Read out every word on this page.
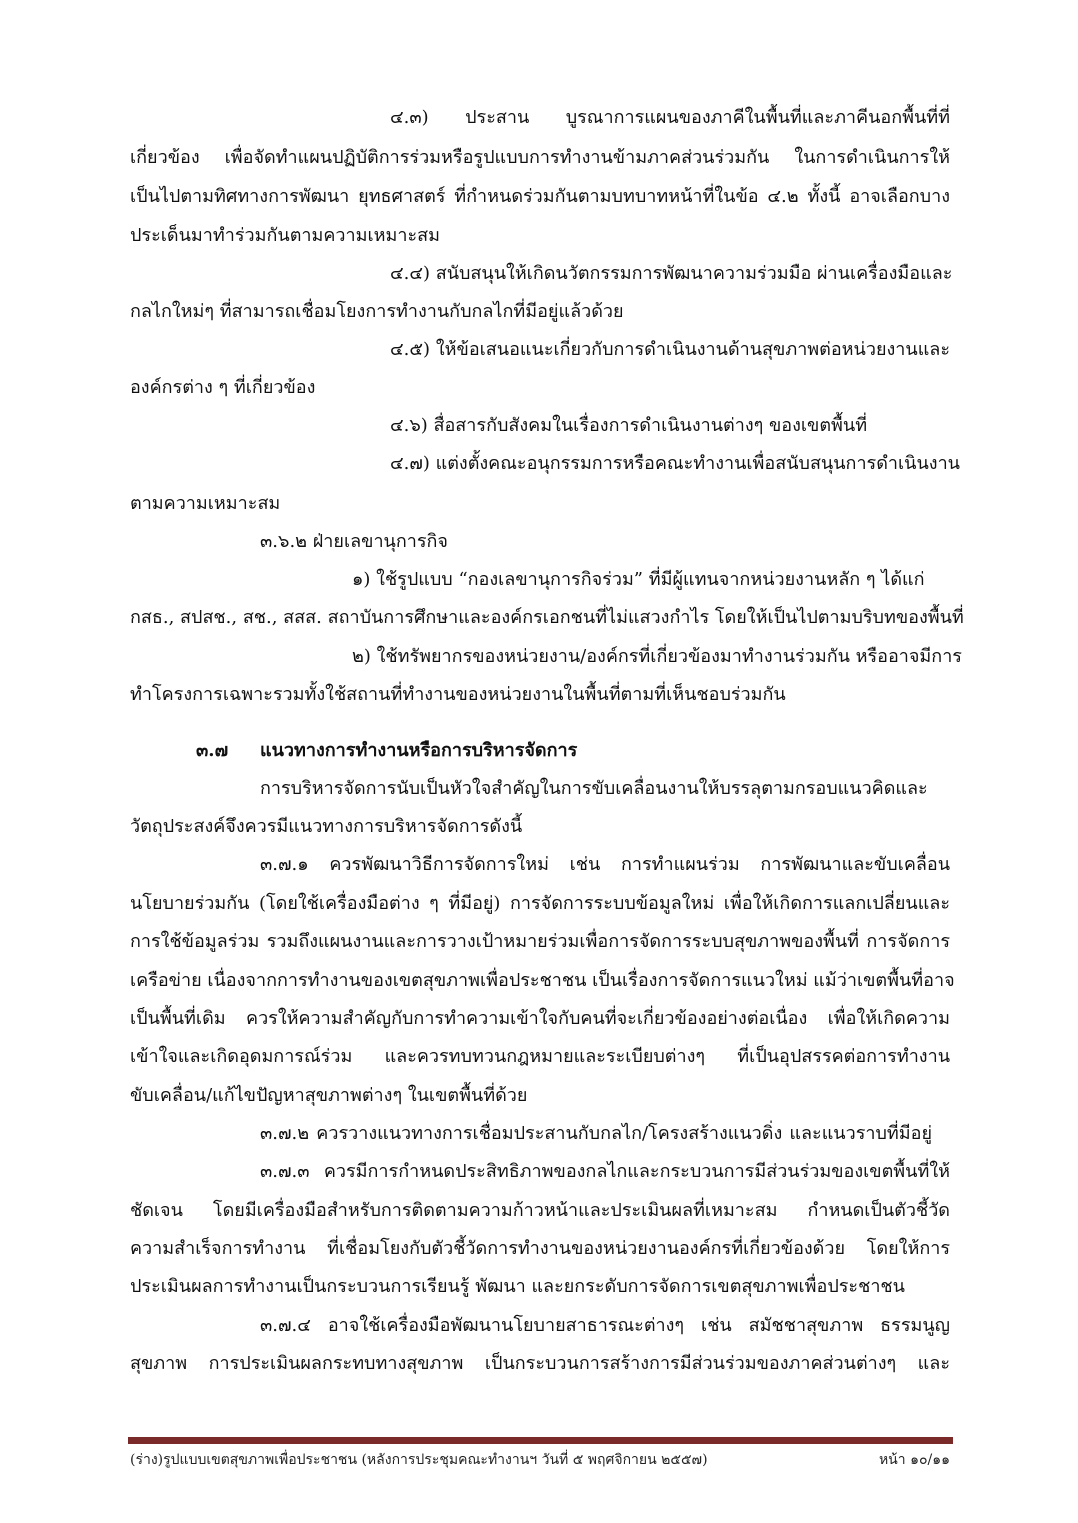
๔.๓) ประสาน บูรณาการแผนของภาคีในพื้นที่และภาคีนอกพื้นที่ที่
เกี่ยวข้อง เพื่อจัดทำแผนปฏิบัติการร่วมหรือรูปแบบการทำงานข้ามภาคส่วนร่วมกัน ในการดำเนินการให้
เป็นไปตามทิศทางการพัฒนา ยุทธศาสตร์ ที่กำหนดร่วมกันตามบทบาทหน้าที่ในข้อ ๔.๒ ทั้งนี้ อาจเลือกบาง
ประเด็นมาทำร่วมกันตามความเหมาะสม
๔.๔) สนับสนุนให้เกิดนวัตกรรมการพัฒนาความร่วมมือ ผ่านเครื่องมือและ
กลไกใหม่ๆ ที่สามารถเชื่อมโยงการทำงานกับกลไกที่มีอยู่แล้วด้วย
๔.๕) ให้ข้อเสนอแนะเกี่ยวกับการดำเนินงานด้านสุขภาพต่อหน่วยงานและ
องค์กรต่าง ๆ ที่เกี่ยวข้อง
๔.๖) สื่อสารกับสังคมในเรื่องการดำเนินงานต่างๆ ของเขตพื้นที่
๔.๗) แต่งตั้งคณะอนุกรรมการหรือคณะทำงานเพื่อสนับสนุนการดำเนินงาน
ตามความเหมาะสม
๓.๖.๒ ฝ่ายเลขานุการกิจ
๑) ใช้รูปแบบ “กองเลขานุการกิจร่วม” ที่มีผู้แทนจากหน่วยงานหลัก ๆ ได้แก่
กสธ., สปสช., สช., สสส. สถาบันการศึกษาและองค์กรเอกชนที่ไม่แสวงกำไร โดยให้เป็นไปตามบริบทของพื้นที่
๒) ใช้ทรัพยากรของหน่วยงาน/องค์กรที่เกี่ยวข้องมาทำงานร่วมกัน หรืออาจมีการ
ทำโครงการเฉพาะรวมทั้งใช้สถานที่ทำงานของหน่วยงานในพื้นที่ตามที่เห็นชอบร่วมกัน
๓.๗ แนวทางการทำงานหรือการบริหารจัดการ
การบริหารจัดการนับเป็นหัวใจสำคัญในการขับเคลื่อนงานให้บรรลุตามกรอบแนวคิดและ
วัตถุประสงค์จึงควรมีแนวทางการบริหารจัดการดังนี้
๓.๗.๑ ควรพัฒนาวิธีการจัดการใหม่ เช่น การทำแผนร่วม การพัฒนาและขับเคลื่อน
นโยบายร่วมกัน (โดยใช้เครื่องมือต่าง ๆ ที่มีอยู่) การจัดการระบบข้อมูลใหม่ เพื่อให้เกิดการแลกเปลี่ยนและ
การใช้ข้อมูลร่วม รวมถึงแผนงานและการวางเป้าหมายร่วมเพื่อการจัดการระบบสุขภาพของพื้นที่ การจัดการ
เครือข่าย เนื่องจากการทำงานของเขตสุขภาพเพื่อประชาชน เป็นเรื่องการจัดการแนวใหม่ แม้ว่าเขตพื้นที่อาจ
เป็นพื้นที่เดิม ควรให้ความสำคัญกับการทำความเข้าใจกับคนที่จะเกี่ยวข้องอย่างต่อเนื่อง เพื่อให้เกิดความ
เข้าใจและเกิดอุดมการณ์ร่วม และควรทบทวนกฎหมายและระเบียบต่างๆ ที่เป็นอุปสรรคต่อการทำงาน
ขับเคลื่อน/แก้ไขปัญหาสุขภาพต่างๆ ในเขตพื้นที่ด้วย
๓.๗.๒ ควรวางแนวทางการเชื่อมประสานกับกลไก/โครงสร้างแนวดิ่ง และแนวราบที่มีอยู่
๓.๗.๓ ควรมีการกำหนดประสิทธิภาพของกลไกและกระบวนการมีส่วนร่วมของเขตพื้นที่ให้
ชัดเจน โดยมีเครื่องมือสำหรับการติดตามความก้าวหน้าและประเมินผลที่เหมาะสม กำหนดเป็นตัวชี้วัด
ความสำเร็จการทำงาน ที่เชื่อมโยงกับตัวชี้วัดการทำงานของหน่วยงานองค์กรที่เกี่ยวข้องด้วย โดยให้การ
ประเมินผลการทำงานเป็นกระบวนการเรียนรู้ พัฒนา และยกระดับการจัดการเขตสุขภาพเพื่อประชาชน
๓.๗.๔ อาจใช้เครื่องมือพัฒนานโยบายสาธารณะต่างๆ เช่น สมัชชาสุขภาพ ธรรมนูญ
สุขภาพ การประเมินผลกระทบทางสุขภาพ เป็นกระบวนการสร้างการมีส่วนร่วมของภาคส่วนต่างๆ และ
(ร่าง)รูปแบบเขตสุขภาพเพื่อประชาชน (หลังการประชุมคณะทำงานฯ วันที่ ๕ พฤศจิกายน ๒๕๕๗)	หน้า ๑๐/๑๑
